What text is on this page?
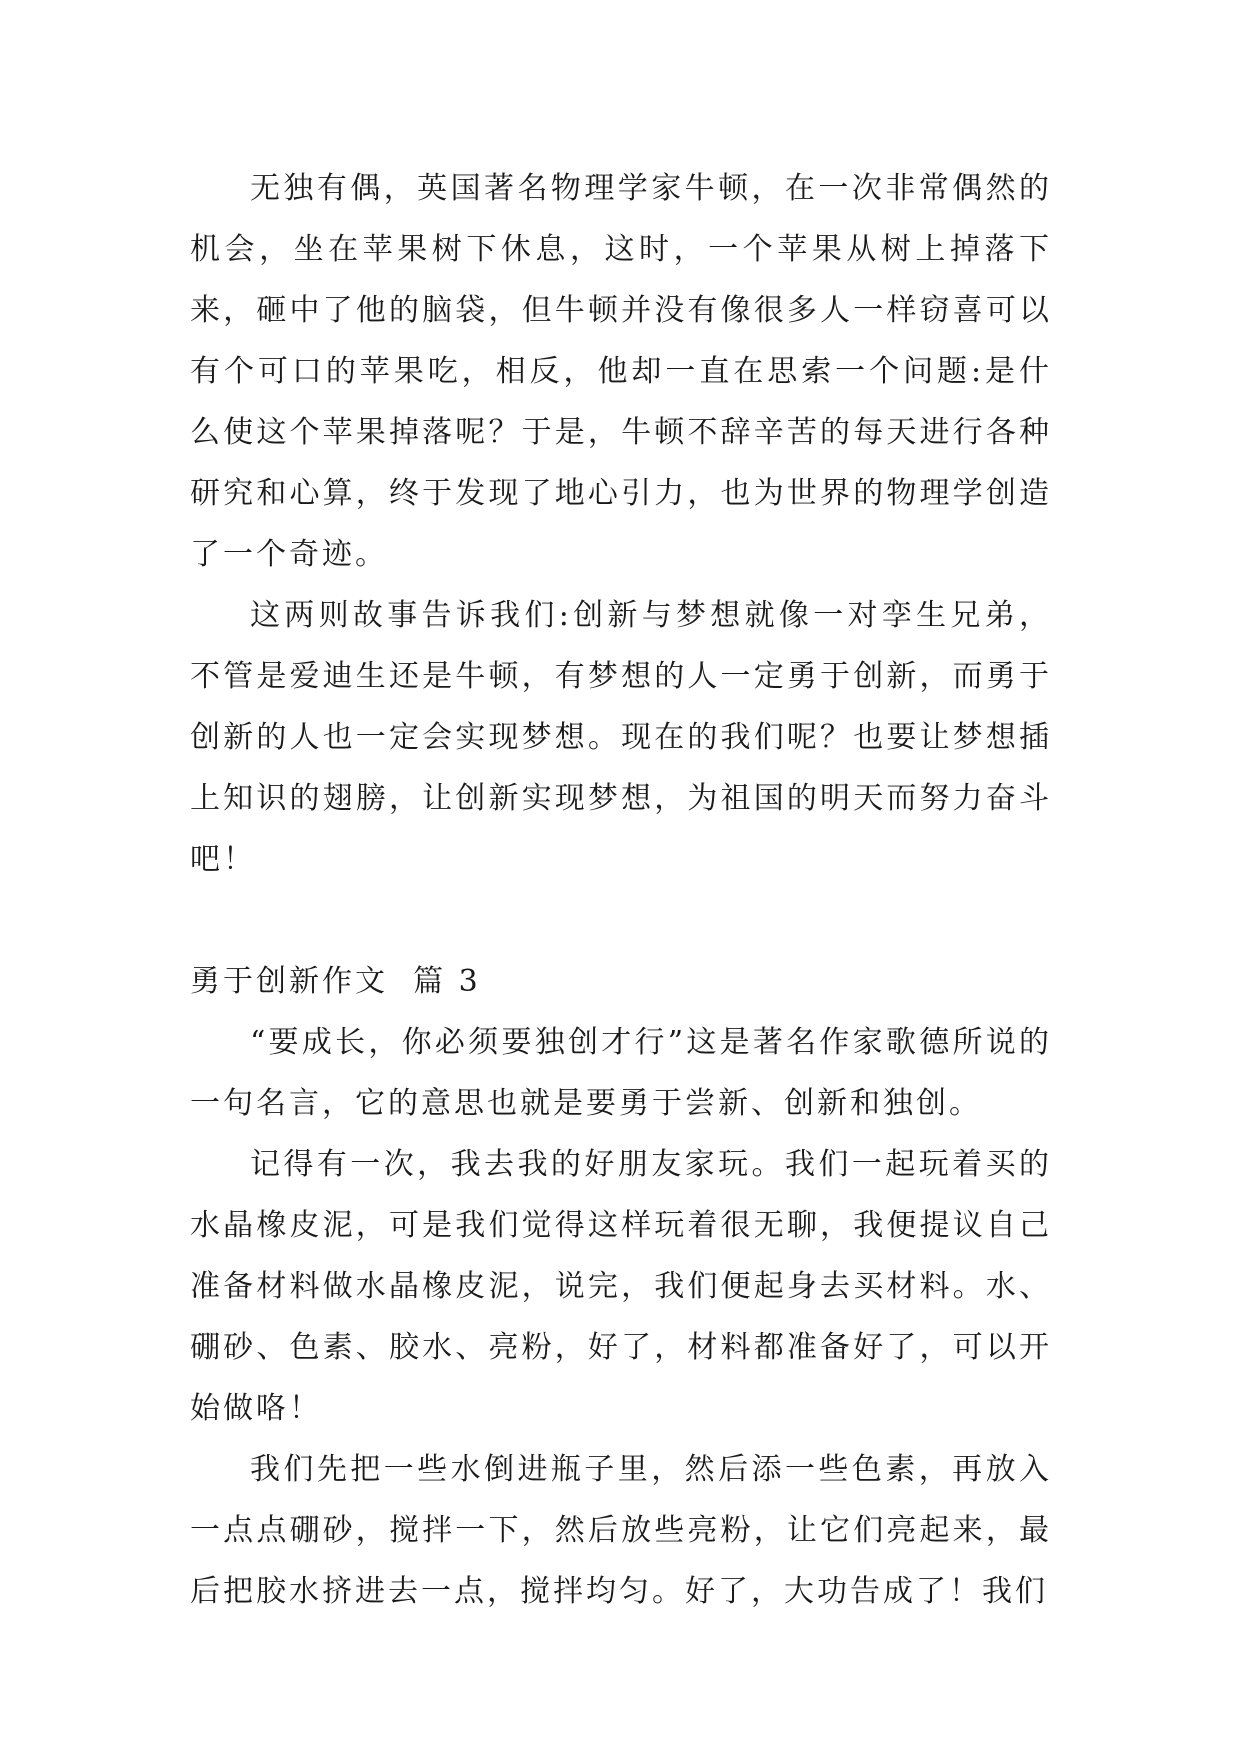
无独有偶，英国著名物理学家牛顿，在一次非常偶然的机会，坐在苹果树下休息，这时，一个苹果从树上掉落下来，砸中了他的脑袋，但牛顿并没有像很多人一样窃喜可以有个可口的苹果吃，相反，他却一直在思索一个问题:是什么使这个苹果掉落呢？于是，牛顿不辞辛苦的每天进行各种研究和心算，终于发现了地心引力，也为世界的物理学创造了一个奇迹。

这两则故事告诉我们:创新与梦想就像一对孪生兄弟，不管是爱迪生还是牛顿，有梦想的人一定勇于创新，而勇于创新的人也一定会实现梦想。现在的我们呢？也要让梦想插上知识的翅膀，让创新实现梦想，为祖国的明天而努力奋斗吧！

勇于创新作文  篇 3

“要成长，你必须要独创才行”这是著名作家歌德所说的一句名言，它的意思也就是要勇于尝新、创新和独创。

记得有一次，我去我的好朋友家玩。我们一起玩着买的水晶橡皮泥，可是我们觉得这样玩着很无聊，我便提议自己准备材料做水晶橡皮泥，说完，我们便起身去买材料。水、硼砂、色素、胶水、亮粉，好了，材料都准备好了，可以开始做咯！

我们先把一些水倒进瓶子里，然后添一些色素，再放入一点点硼砂，搅拌一下，然后放些亮粉，让它们亮起来，最后把胶水挤进去一点，搅拌均匀。好了，大功告成了！我们
